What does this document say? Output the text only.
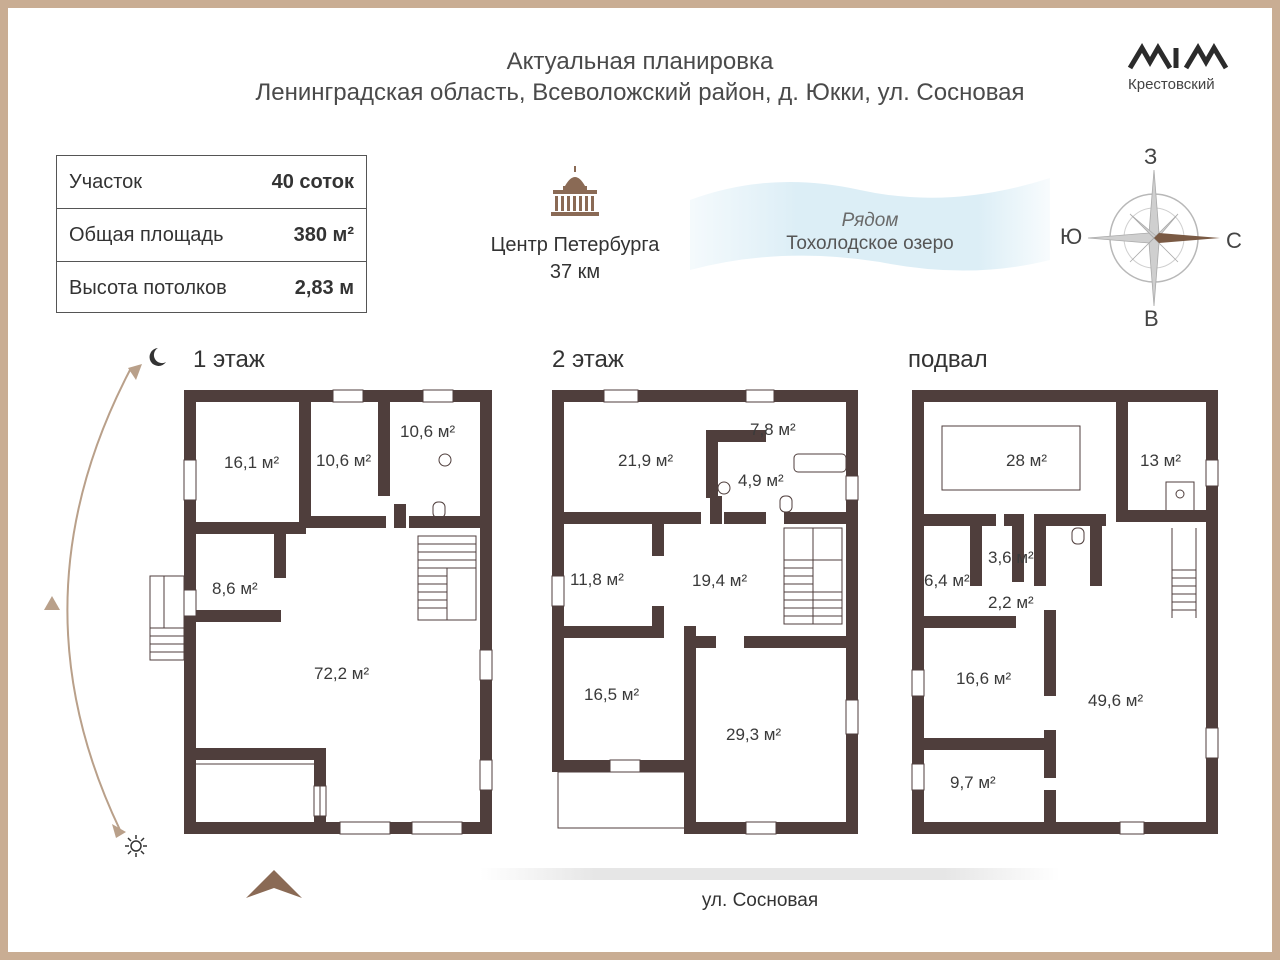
Актуальная планировка
Ленинградская область, Всеволожский район, д. Юкки, ул. Сосновая	Крестовский
Участок	40 соток
Общая площадь	380 м²
Высота потолков	2,83 м
Центр Петербурга
37 км
Рядом
Тохолодское озеро
З
Ю	С
В
1 этаж	2 этаж	подвал
16,1 м² 10,6 м²
10,6 м²
8,6 м²
72,2 м²
21,9 м²
7,8 м²
4,9 м²
11,8 м²	19,4 м²
16,5 м²
29,3 м²
28 м²	13 м²
6,4 м²
3,6 м²
2,2 м²
16,6 м²
49,6 м²
9,7 м²
ул. Сосновая
